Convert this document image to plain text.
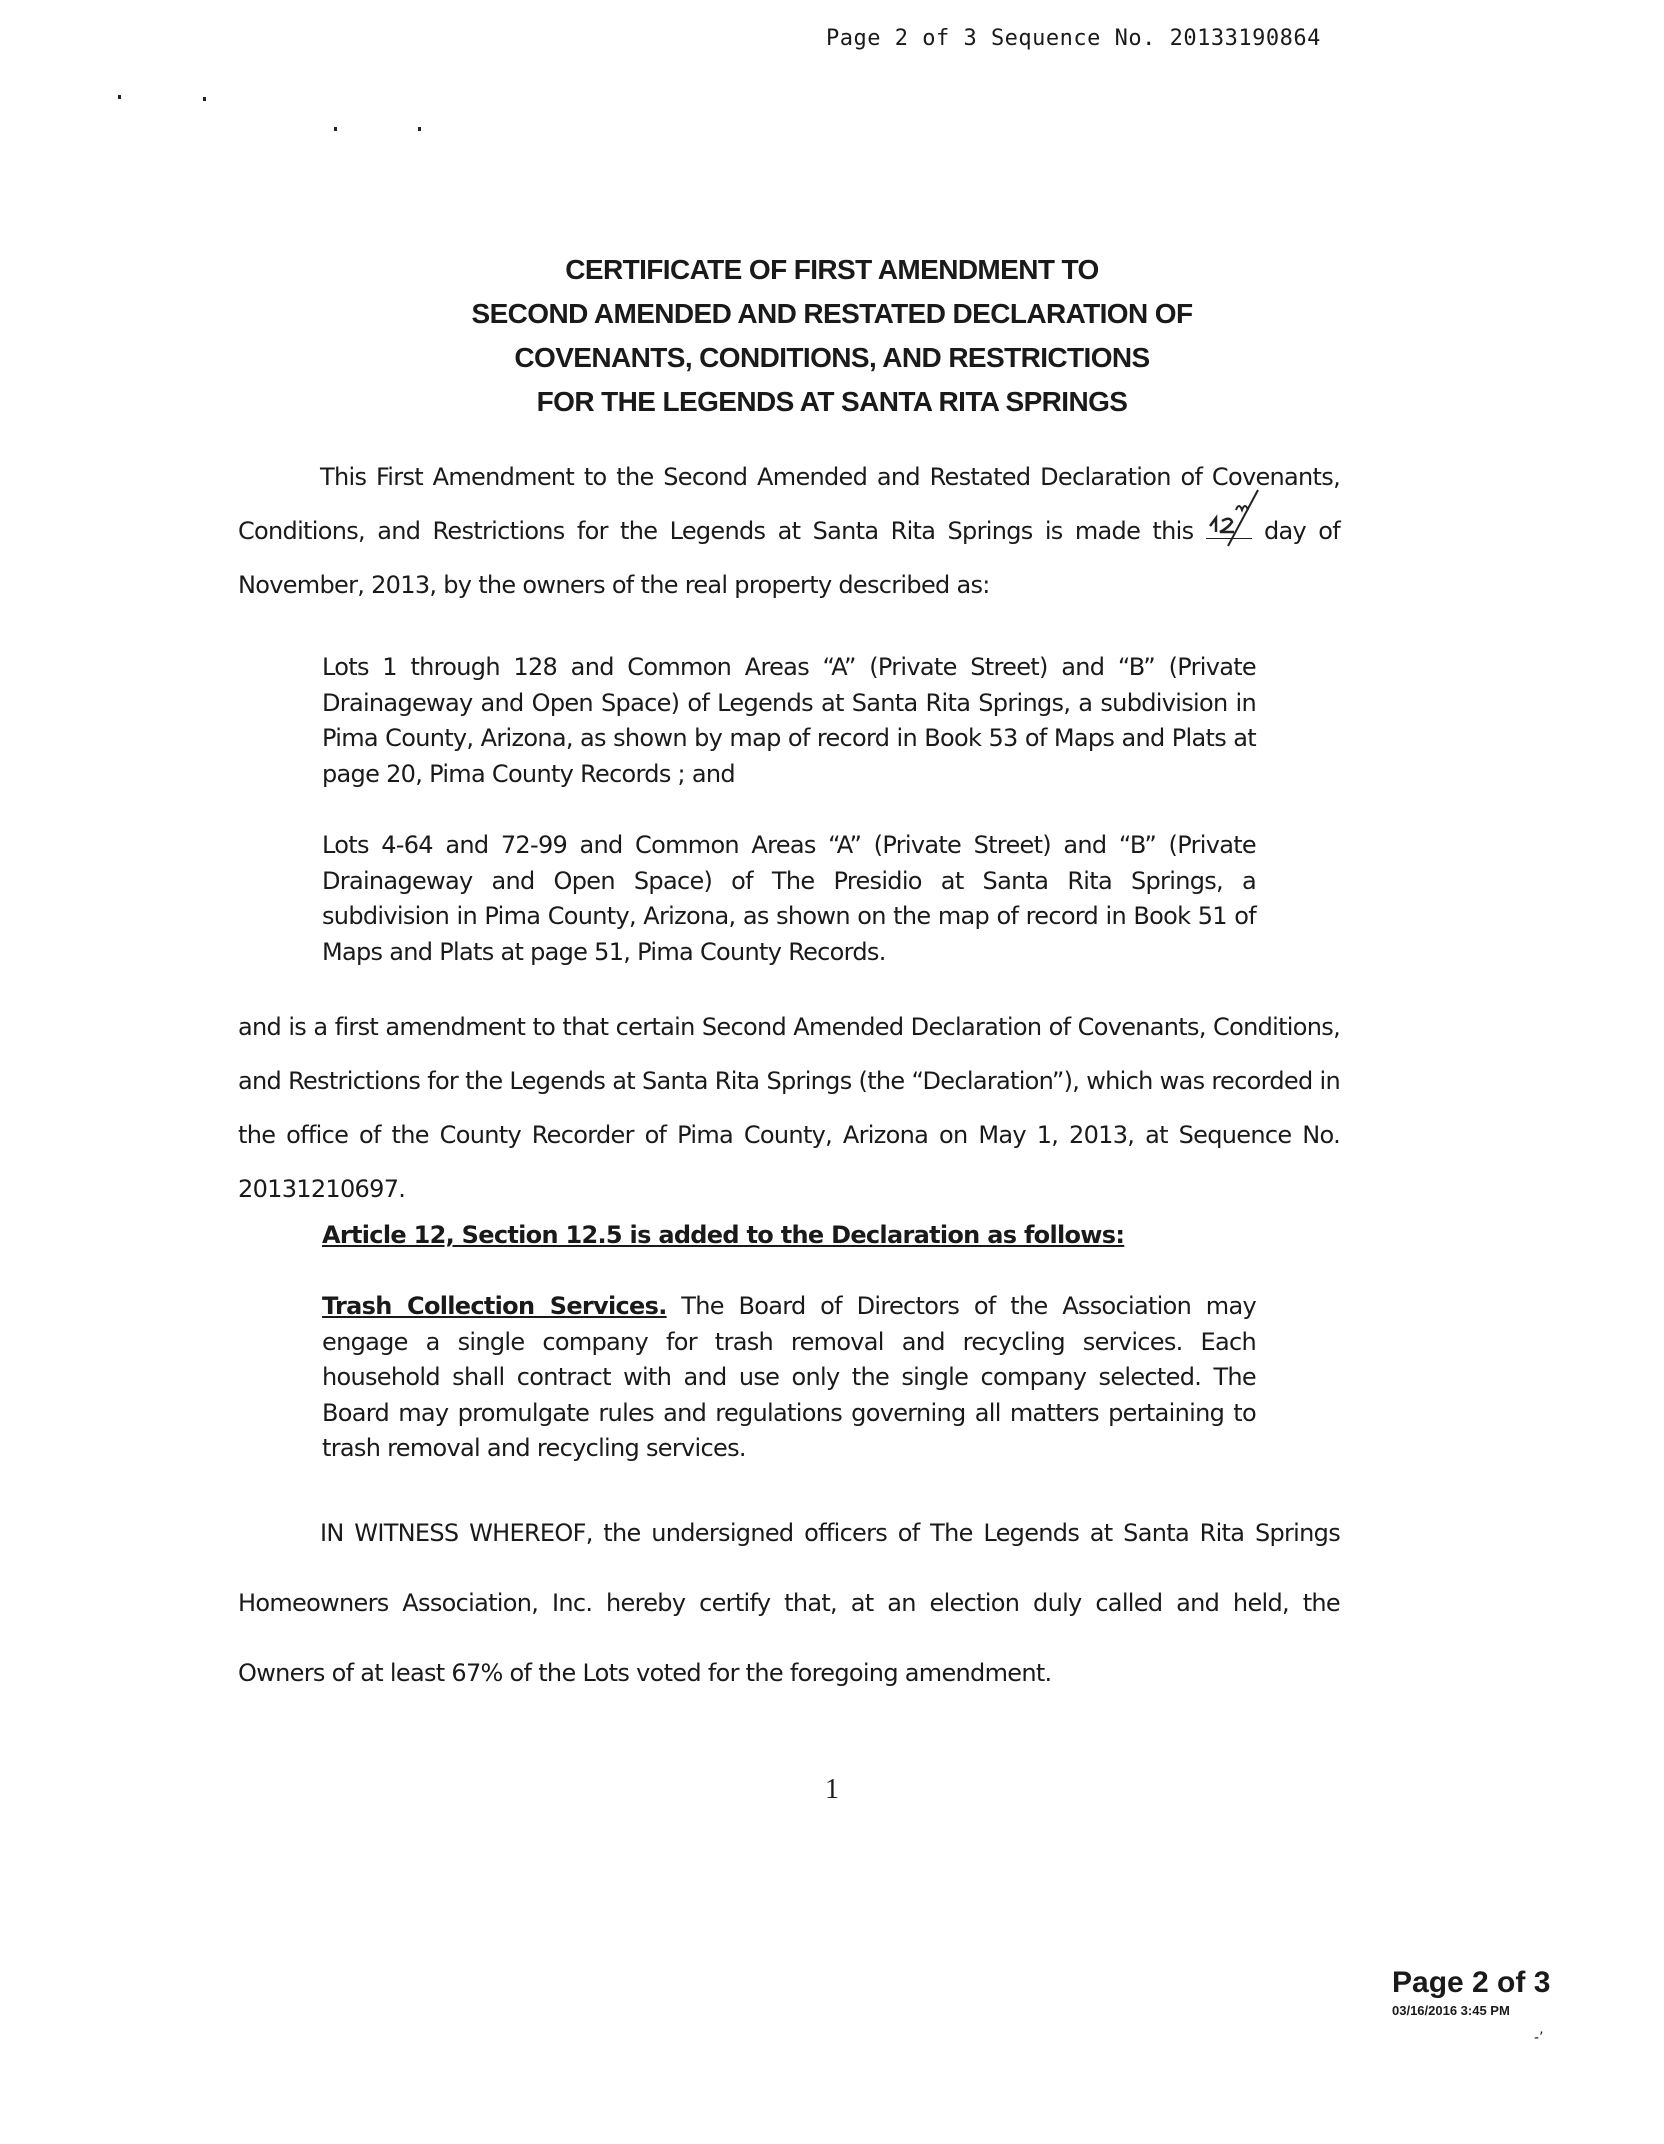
Page 2 of 3 Sequence No. 20133190864
CERTIFICATE OF FIRST AMENDMENT TO
SECOND AMENDED AND RESTATED DECLARATION OF
COVENANTS, CONDITIONS, AND RESTRICTIONS
FOR THE LEGENDS AT SANTA RITA SPRINGS
This First Amendment to the Second Amended and Restated Declaration of Covenants, Conditions, and Restrictions for the Legends at Santa Rita Springs is made this	day of November, 2013, by the owners of the real property described as:
Lots 1 through 128 and Common Areas “A” (Private Street) and “B” (Private Drainageway and Open Space) of Legends at Santa Rita Springs, a subdivision in Pima County, Arizona, as shown by map of record in Book 53 of Maps and Plats at page 20, Pima County Records ; and
Lots 4-64 and 72-99 and Common Areas “A” (Private Street) and “B” (Private Drainageway and Open Space) of The Presidio at Santa Rita Springs, a subdivision in Pima County, Arizona, as shown on the map of record in Book 51 of Maps and Plats at page 51, Pima County Records.
and is a first amendment to that certain Second Amended Declaration of Covenants, Conditions, and Restrictions for the Legends at Santa Rita Springs (the “Declaration”), which was recorded in the office of the County Recorder of Pima County, Arizona on May 1, 2013, at Sequence No. 20131210697.
Article 12, Section 12.5 is added to the Declaration as follows:
Trash Collection Services. The Board of Directors of the Association may engage a single company for trash removal and recycling services. Each household shall contract with and use only the single company selected. The Board may promulgate rules and regulations governing all matters pertaining to trash removal and recycling services.
IN WITNESS WHEREOF, the undersigned officers of The Legends at Santa Rita Springs Homeowners Association, Inc. hereby certify that, at an election duly called and held, the Owners of at least 67% of the Lots voted for the foregoing amendment.
1
Page 2 of 3
03/16/2016 3:45 PM
-’
